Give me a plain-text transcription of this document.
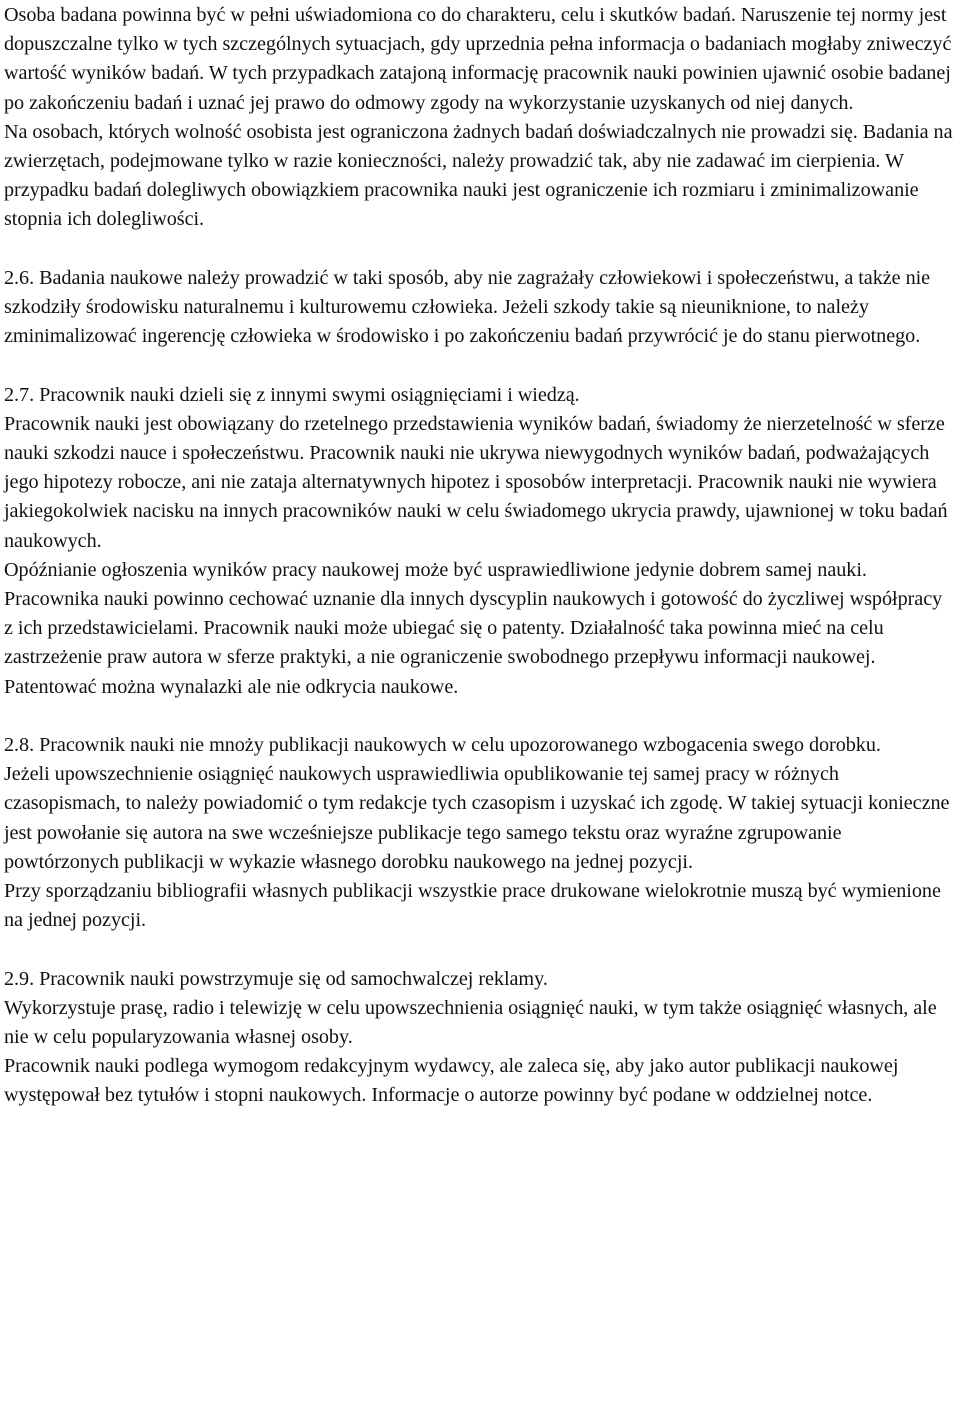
Osoba badana powinna być w pełni uświadomiona co do charakteru, celu i skutków badań. Naruszenie tej normy jest dopuszczalne tylko w tych szczególnych sytuacjach, gdy uprzednia pełna informacja o badaniach mogłaby zniweczyć wartość wyników badań. W tych przypadkach zatajoną informację pracownik nauki powinien ujawnić osobie badanej po zakończeniu badań i uznać jej prawo do odmowy zgody na wykorzystanie uzyskanych od niej danych.

Na osobach, których wolność osobista jest ograniczona żadnych badań doświadczalnych nie prowadzi się. Badania na zwierzętach, podejmowane tylko w razie konieczności, należy prowadzić tak, aby nie zadawać im cierpienia. W przypadku badań dolegliwych obowiązkiem pracownika nauki jest ograniczenie ich rozmiaru i zminimalizowanie stopnia ich dolegliwości.

2.6. Badania naukowe należy prowadzić w taki sposób, aby nie zagrażały człowiekowi i społeczeństwu, a także nie szkodziły środowisku naturalnemu i kulturowemu człowieka. Jeżeli szkody takie są nieuniknione, to należy zminimalizować ingerencję człowieka w środowisko i po zakończeniu badań przywrócić je do stanu pierwotnego.

2.7. Pracownik nauki dzieli się z innymi swymi osiągnięciami i wiedzą.

Pracownik nauki jest obowiązany do rzetelnego przedstawienia wyników badań, świadomy że nierzetelność w sferze nauki szkodzi nauce i społeczeństwu. Pracownik nauki nie ukrywa niewygodnych wyników badań, podważających jego hipotezy robocze, ani nie zataja alternatywnych hipotez i sposobów interpretacji. Pracownik nauki nie wywiera jakiegokolwiek nacisku na innych pracowników nauki w celu świadomego ukrycia prawdy, ujawnionej w toku badań naukowych.

Opóźnianie ogłoszenia wyników pracy naukowej może być usprawiedliwione jedynie dobrem samej nauki.

Pracownika nauki powinno cechować uznanie dla innych dyscyplin naukowych i gotowość do życzliwej współpracy z ich przedstawicielami. Pracownik nauki może ubiegać się o patenty. Działalność taka powinna mieć na celu zastrzeżenie praw autora w sferze praktyki, a nie ograniczenie swobodnego przepływu informacji naukowej.

Patentować można wynalazki ale nie odkrycia naukowe.

2.8. Pracownik nauki nie mnoży publikacji naukowych w celu upozorowanego wzbogacenia swego dorobku.

Jeżeli upowszechnienie osiągnięć naukowych usprawiedliwia opublikowanie tej samej pracy w różnych czasopismach, to należy powiadomić o tym redakcje tych czasopism i uzyskać ich zgodę. W takiej sytuacji konieczne jest powołanie się autora na swe wcześniejsze publikacje tego samego tekstu oraz wyraźne zgrupowanie powtórzonych publikacji w wykazie własnego dorobku naukowego na jednej pozycji.

Przy sporządzaniu bibliografii własnych publikacji wszystkie prace drukowane wielokrotnie muszą być wymienione na jednej pozycji.

2.9. Pracownik nauki powstrzymuje się od samochwalczej reklamy.

Wykorzystuje prasę, radio i telewizję w celu upowszechnienia osiągnięć nauki, w tym także osiągnięć własnych, ale nie w celu popularyzowania własnej osoby.

Pracownik nauki podlega wymogom redakcyjnym wydawcy, ale zaleca się, aby jako autor publikacji naukowej występował bez tytułów i stopni naukowych. Informacje o autorze powinny być podane w oddzielnej notce.
